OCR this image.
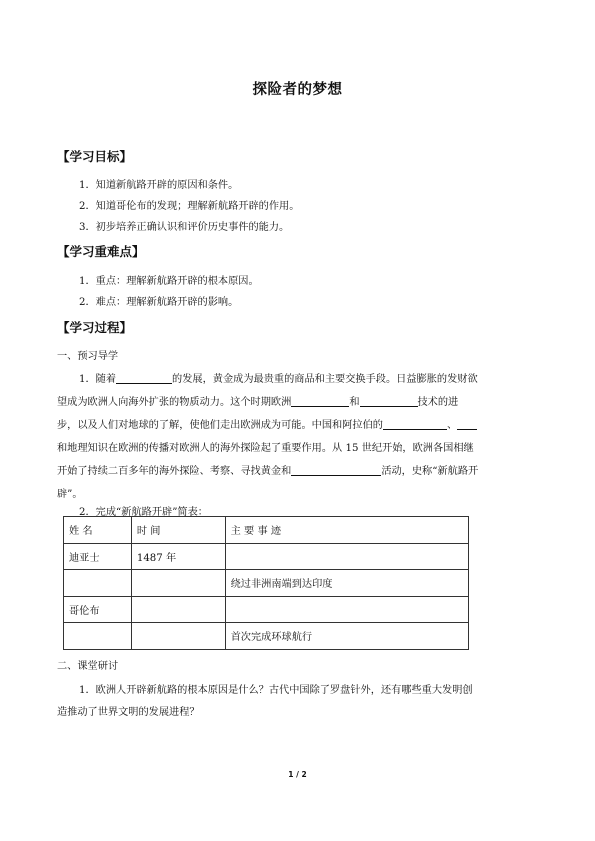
探险者的梦想
【学习目标】
1．知道新航路开辟的原因和条件。
2．知道哥伦布的发现；理解新航路开辟的作用。
3．初步培养正确认识和评价历史事件的能力。
【学习重难点】
1．重点：理解新航路开辟的根本原因。
2．难点：理解新航路开辟的影响。
【学习过程】
一、预习导学
1．随着	的发展，黄金成为最贵重的商品和主要交换手段。日益膨胀的发财欲
望成为欧洲人向海外扩张的物质动力。这个时期欧洲	和	技术的进
步，以及人们对地球的了解，使他们走出欧洲成为可能。中国和阿拉伯的	、
和地理知识在欧洲的传播对欧洲人的海外探险起了重要作用。从 15 世纪开始，欧洲各国相继
开始了持续二百多年的海外探险、考察、寻找黄金和	活动，史称“新航路开
辟”。
2．完成“新航路开辟”简表：
姓 名	时 间	主 要 事 迹
迪亚士	1487 年	
		绕过非洲南端到达印度
哥伦布		
		首次完成环球航行
二、课堂研讨
1．欧洲人开辟新航路的根本原因是什么？古代中国除了罗盘针外，还有哪些重大发明创
造推动了世界文明的发展进程？
1 / 2
